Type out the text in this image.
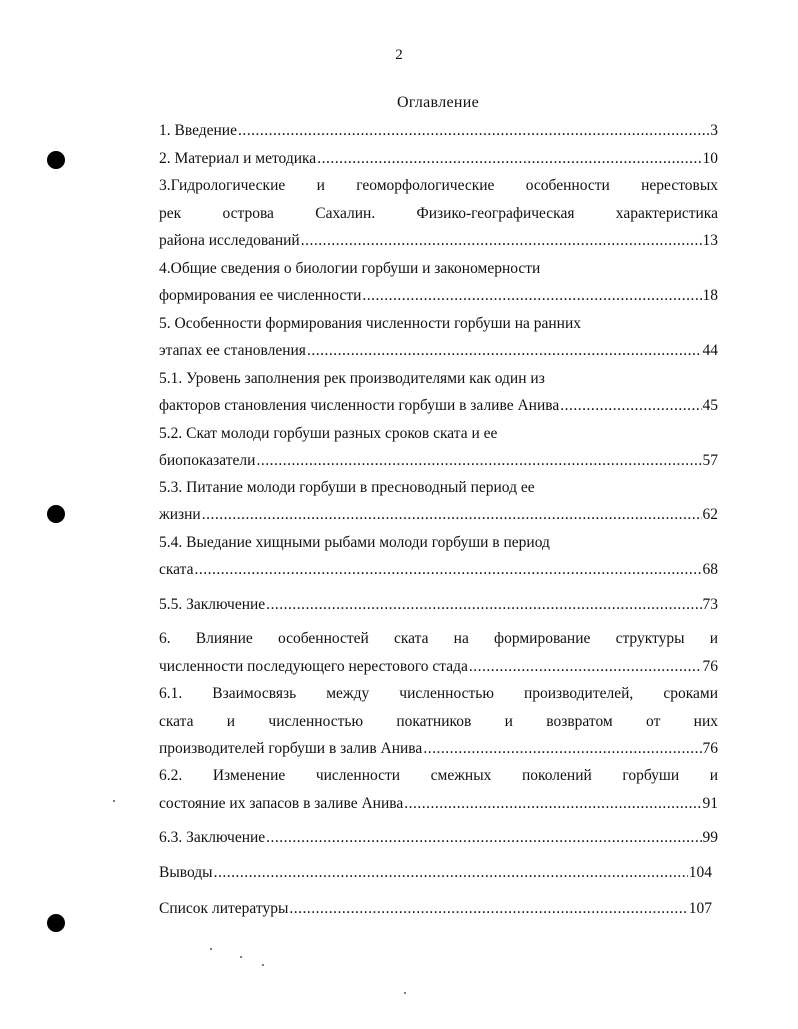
2
Оглавление
1. Введение .....	3
2. Материал и методика .....	10
3.Гидрологические и геоморфологические особенности нерестовых
рек острова Сахалин. Физико-географическая характеристика
района исследований .....	13
4.Общие сведения о биологии горбуши и закономерности
формирования ее численности .....	18
5. Особенности формирования численности горбуши на ранних
этапах ее становления .....	44
5.1. Уровень заполнения рек производителями как один из
факторов становления численности горбуши в заливе Анива .....	45
5.2. Скат молоди горбуши разных сроков ската и ее
биопоказатели .....	57
5.3. Питание молоди горбуши в пресноводный период ее
жизни .....	62
5.4. Выедание хищными рыбами молоди горбуши в период
ската .....	68
5.5. Заключение .....	73
6. Влияние особенностей ската на формирование структуры и
численности последующего нерестового стада .....	76
6.1. Взаимосвязь между численностью производителей, сроками
ската и численностью покатников и возвратом от них
производителей горбуши в залив Анива .....	76
6.2. Изменение численности смежных поколений горбуши и
состояние их запасов в заливе Анива .....	91
6.3. Заключение .....	99
Выводы .....	104
Список литературы .....	107
